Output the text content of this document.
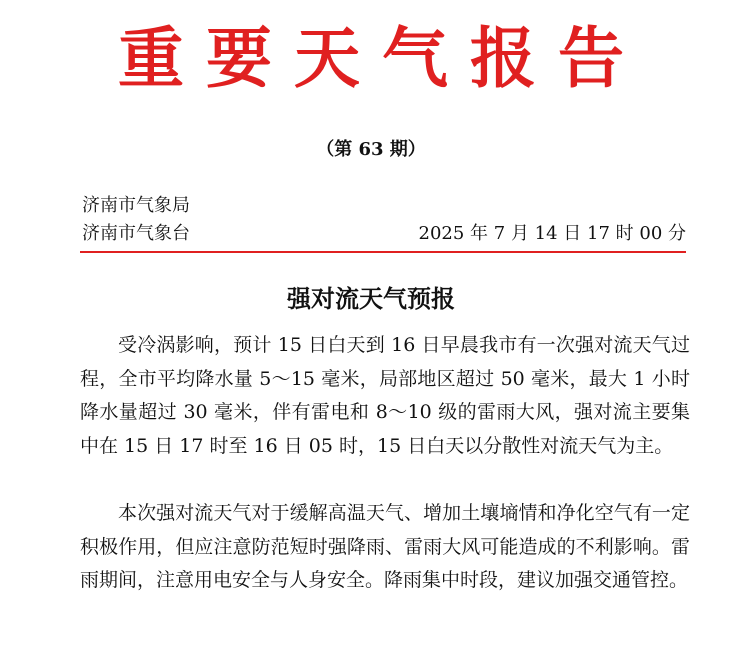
重要天气报告
（第 63 期）
济南市气象局
济南市气象台	2025 年 7 月 14 日 17 时 00 分
强对流天气预报

受冷涡影响，预计 15 日白天到 16 日早晨我市有一次强对流天气过程，全市平均降水量 5～15 毫米，局部地区超过 50 毫米，最大 1 小时降水量超过 30 毫米，伴有雷电和 8～10 级的雷雨大风，强对流主要集中在 15 日 17 时至 16 日 05 时，15 日白天以分散性对流天气为主。

本次强对流天气对于缓解高温天气、增加土壤墒情和净化空气有一定积极作用，但应注意防范短时强降雨、雷雨大风可能造成的不利影响。雷雨期间，注意用电安全与人身安全。降雨集中时段，建议加强交通管控。
